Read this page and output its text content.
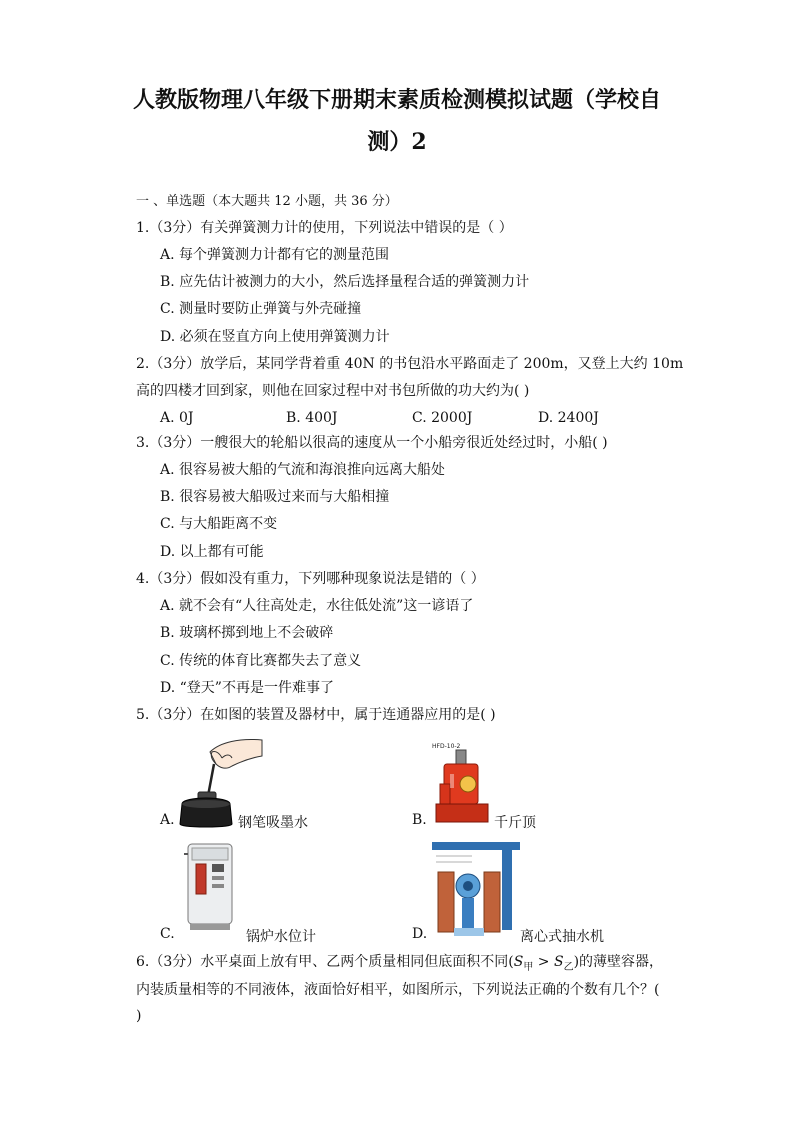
人教版物理八年级下册期末素质检测模拟试题（学校自
测）2
一 、单选题（本大题共 12 小题，共 36 分）
1.（3分）有关弹簧测力计的使用，下列说法中错误的是（ ）
A. 每个弹簧测力计都有它的测量范围
B. 应先估计被测力的大小，然后选择量程合适的弹簧测力计
C. 测量时要防止弹簧与外壳碰撞
D. 必须在竖直方向上使用弹簧测力计
2.（3分）放学后，某同学背着重 40N 的书包沿水平路面走了 200m，又登上大约 10m
高的四楼才回到家，则他在回家过程中对书包所做的功大约为( )
A. 0J	B. 400J	C. 2000J	D. 2400J
3.（3分）一艘很大的轮船以很高的速度从一个小船旁很近处经过时，小船( )
A. 很容易被大船的气流和海浪推向远离大船处
B. 很容易被大船吸过来而与大船相撞
C. 与大船距离不变
D. 以上都有可能
4.（3分）假如没有重力，下列哪种现象说法是错的（ ）
A. 就不会有“人往高处走，水往低处流”这一谚语了
B. 玻璃杯掷到地上不会破碎
C. 传统的体育比赛都失去了意义
D. “登天”不再是一件难事了
5.（3分）在如图的装置及器材中，属于连通器应用的是( )
A.	钢笔吸墨水
HFD-10-2
B.	千斤顶
C.	锅炉水位计	D.	离心式抽水机
6.（3分）水平桌面上放有甲、乙两个质量相同但底面积不同$(S_甲 > S_乙)$的薄壁容器，
内装质量相等的不同液体，液面恰好相平，如图所示，下列说法正确的个数有几个？(
)
